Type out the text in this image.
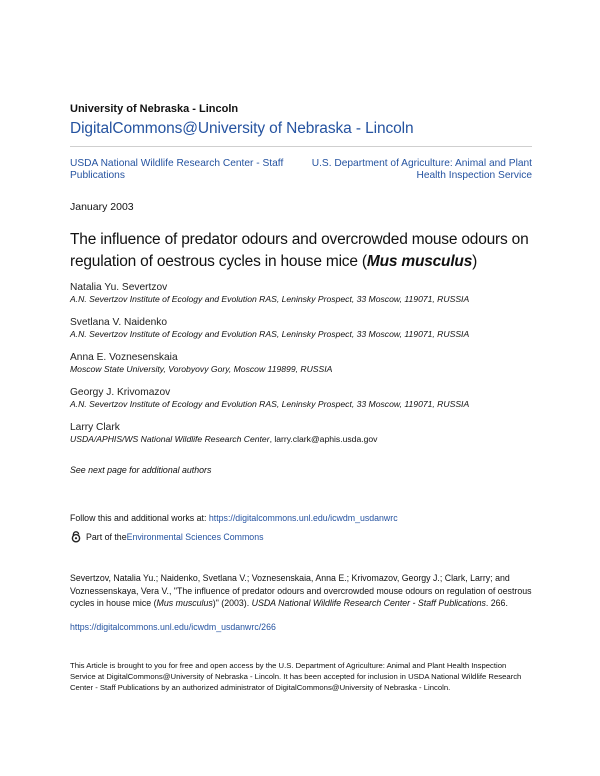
University of Nebraska - Lincoln
DigitalCommons@University of Nebraska - Lincoln
USDA National Wildlife Research Center - Staff Publications
U.S. Department of Agriculture: Animal and Plant Health Inspection Service
January 2003
The influence of predator odours and overcrowded mouse odours on regulation of oestrous cycles in house mice (Mus musculus)
Natalia Yu. Severtzov
A.N. Severtzov Institute of Ecology and Evolution RAS, Leninsky Prospect, 33 Moscow, 119071, RUSSIA
Svetlana V. Naidenko
A.N. Severtzov Institute of Ecology and Evolution RAS, Leninsky Prospect, 33 Moscow, 119071, RUSSIA
Anna E. Voznesenskaia
Moscow State University, Vorobyovy Gory, Moscow 119899, RUSSIA
Georgy J. Krivomazov
A.N. Severtzov Institute of Ecology and Evolution RAS, Leninsky Prospect, 33 Moscow, 119071, RUSSIA
Larry Clark
USDA/APHIS/WS National Wildlife Research Center, larry.clark@aphis.usda.gov
See next page for additional authors
Follow this and additional works at: https://digitalcommons.unl.edu/icwdm_usdanwrc
Part of the Environmental Sciences Commons
Severtzov, Natalia Yu.; Naidenko, Svetlana V.; Voznesenskaia, Anna E.; Krivomazov, Georgy J.; Clark, Larry; and Voznessenskaya, Vera V., "The influence of predator odours and overcrowded mouse odours on regulation of oestrous cycles in house mice (Mus musculus)" (2003). USDA National Wildlife Research Center - Staff Publications. 266.
https://digitalcommons.unl.edu/icwdm_usdanwrc/266
This Article is brought to you for free and open access by the U.S. Department of Agriculture: Animal and Plant Health Inspection Service at DigitalCommons@University of Nebraska - Lincoln. It has been accepted for inclusion in USDA National Wildlife Research Center - Staff Publications by an authorized administrator of DigitalCommons@University of Nebraska - Lincoln.
